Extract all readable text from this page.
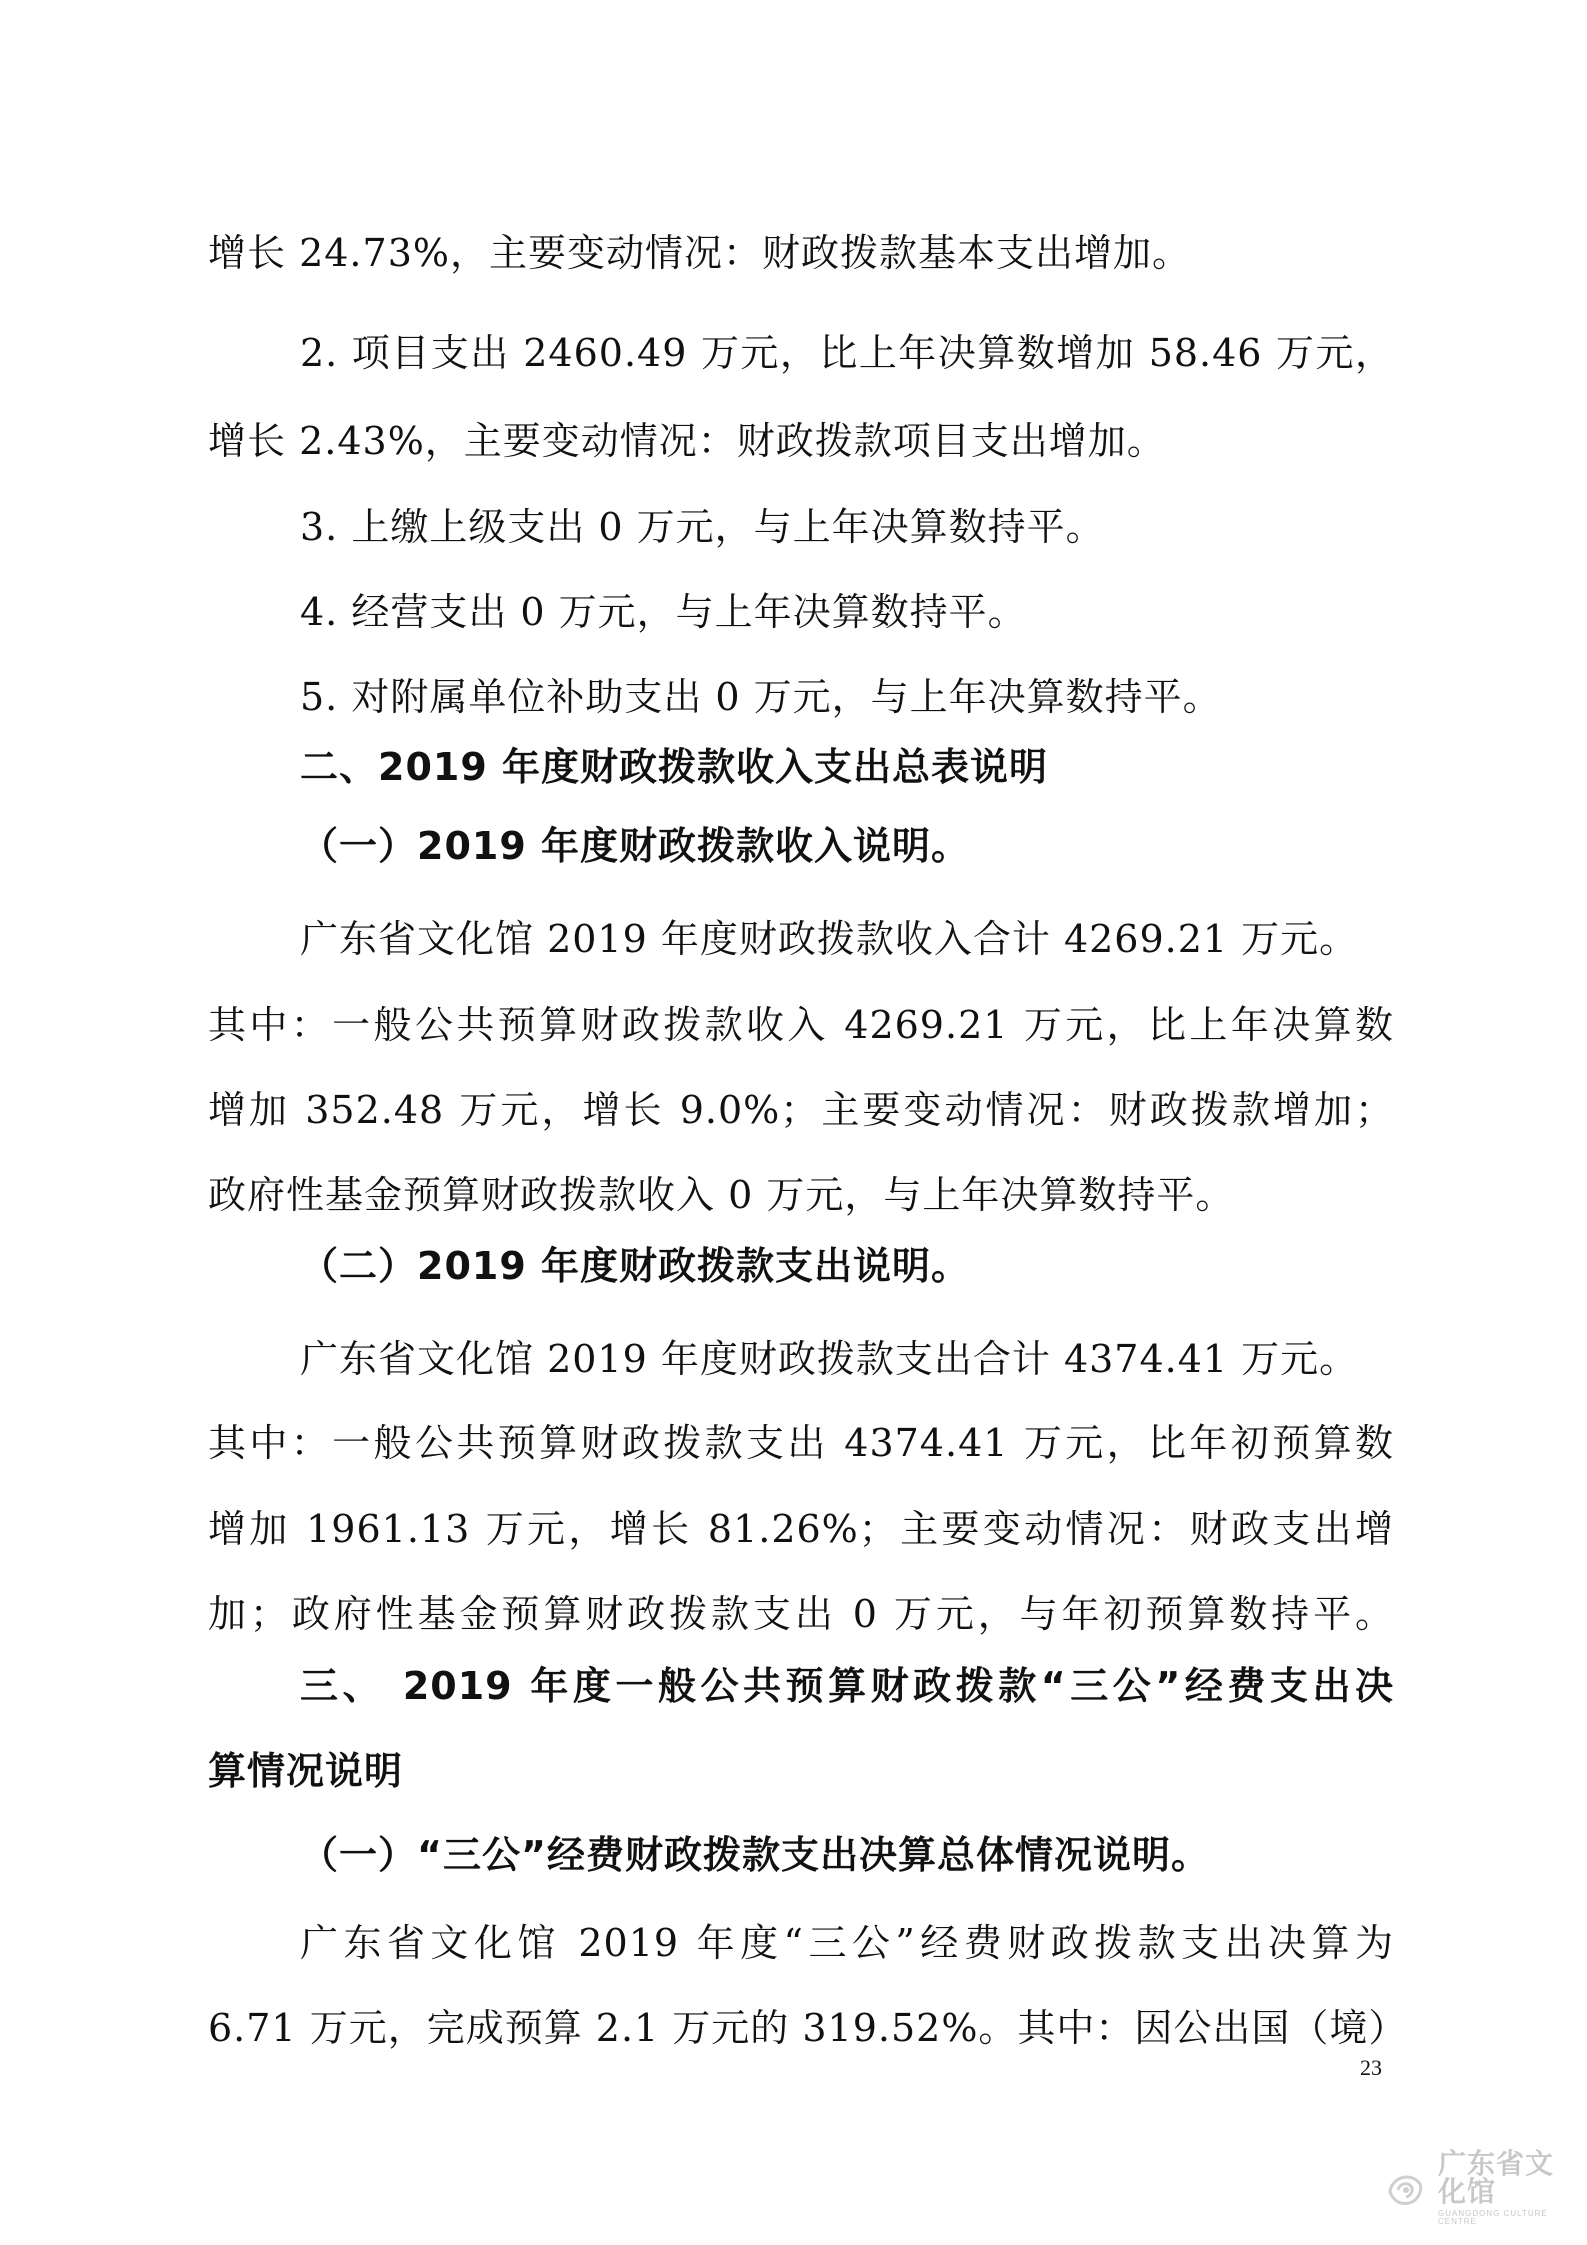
增长 24.73%，主要变动情况：财政拨款基本支出增加。
2. 项目支出 2460.49 万元，比上年决算数增加 58.46 万元，
增长 2.43%，主要变动情况：财政拨款项目支出增加。
3. 上缴上级支出 0 万元，与上年决算数持平。
4. 经营支出 0 万元，与上年决算数持平。
5. 对附属单位补助支出 0 万元，与上年决算数持平。
二、2019 年度财政拨款收入支出总表说明
（一）2019 年度财政拨款收入说明。
广东省文化馆 2019 年度财政拨款收入合计 4269.21 万元。
其中：一般公共预算财政拨款收入 4269.21 万元，比上年决算数
增加 352.48 万元，增长 9.0%；主要变动情况：财政拨款增加；
政府性基金预算财政拨款收入 0 万元，与上年决算数持平。
（二）2019 年度财政拨款支出说明。
广东省文化馆 2019 年度财政拨款支出合计 4374.41 万元。
其中：一般公共预算财政拨款支出 4374.41 万元，比年初预算数
增加 1961.13 万元，增长 81.26%；主要变动情况：财政支出增
加；政府性基金预算财政拨款支出 0 万元，与年初预算数持平。
三、 2019 年度一般公共预算财政拨款“三公”经费支出决
算情况说明
（一）“三公”经费财政拨款支出决算总体情况说明。
广东省文化馆 2019 年度“三公”经费财政拨款支出决算为
6.71 万元，完成预算 2.1 万元的 319.52%。其中：因公出国（境）
23
广东省文化馆
GUANGDONG CULTURE CENTRE
